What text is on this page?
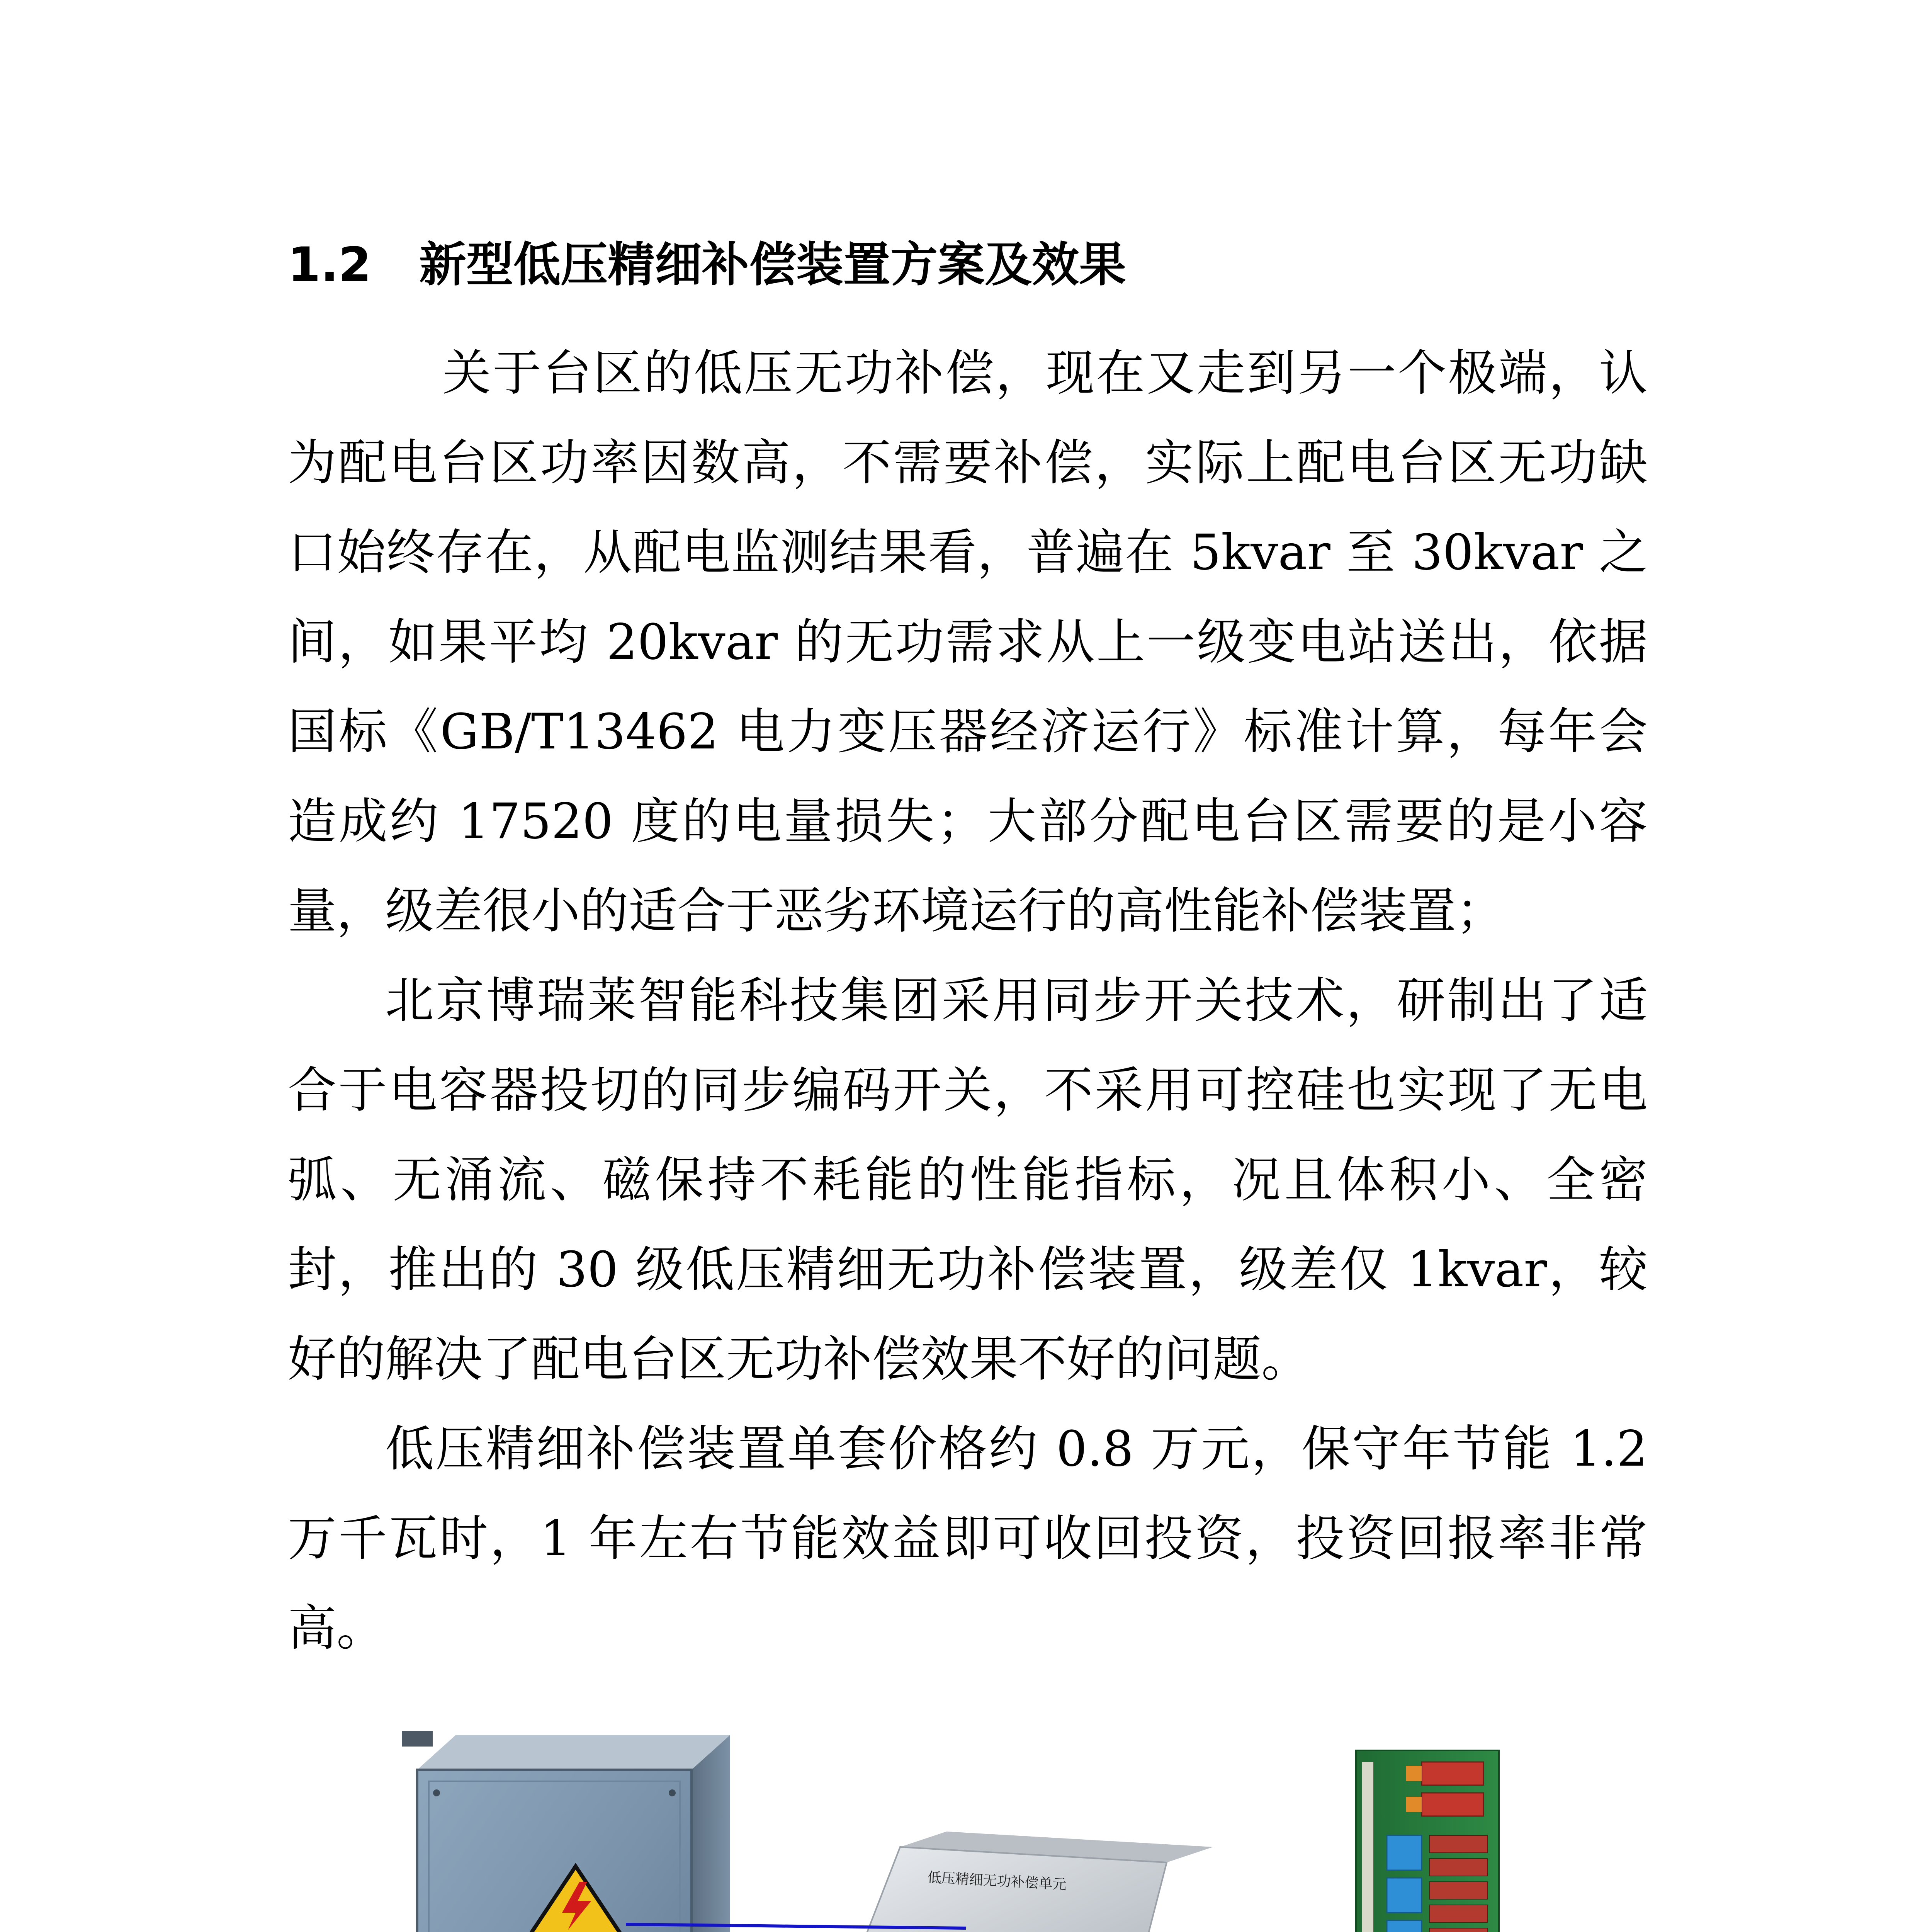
1.2 新型低压精细补偿装置方案及效果

关于台区的低压无功补偿，现在又走到另一个极端，认为配电台区功率因数高，不需要补偿，实际上配电台区无功缺口始终存在，从配电监测结果看，普遍在 5kvar 至 30kvar 之间，如果平均 20kvar 的无功需求从上一级变电站送出，依据国标《GB/T13462 电力变压器经济运行》标准计算，每年会造成约 17520 度的电量损失；大部分配电台区需要的是小容量，级差很小的适合于恶劣环境运行的高性能补偿装置；

北京博瑞莱智能科技集团采用同步开关技术，研制出了适合于电容器投切的同步编码开关，不采用可控硅也实现了无电弧、无涌流、磁保持不耗能的性能指标，况且体积小、全密封，推出的 30 级低压精细无功补偿装置，级差仅 1kvar，较好的解决了配电台区无功补偿效果不好的问题。

低压精细补偿装置单套价格约 0.8 万元，保守年节能 1.2 万千瓦时，1 年左右节能效益即可收回投资，投资回报率非常高。

低压精细无功补偿单元
